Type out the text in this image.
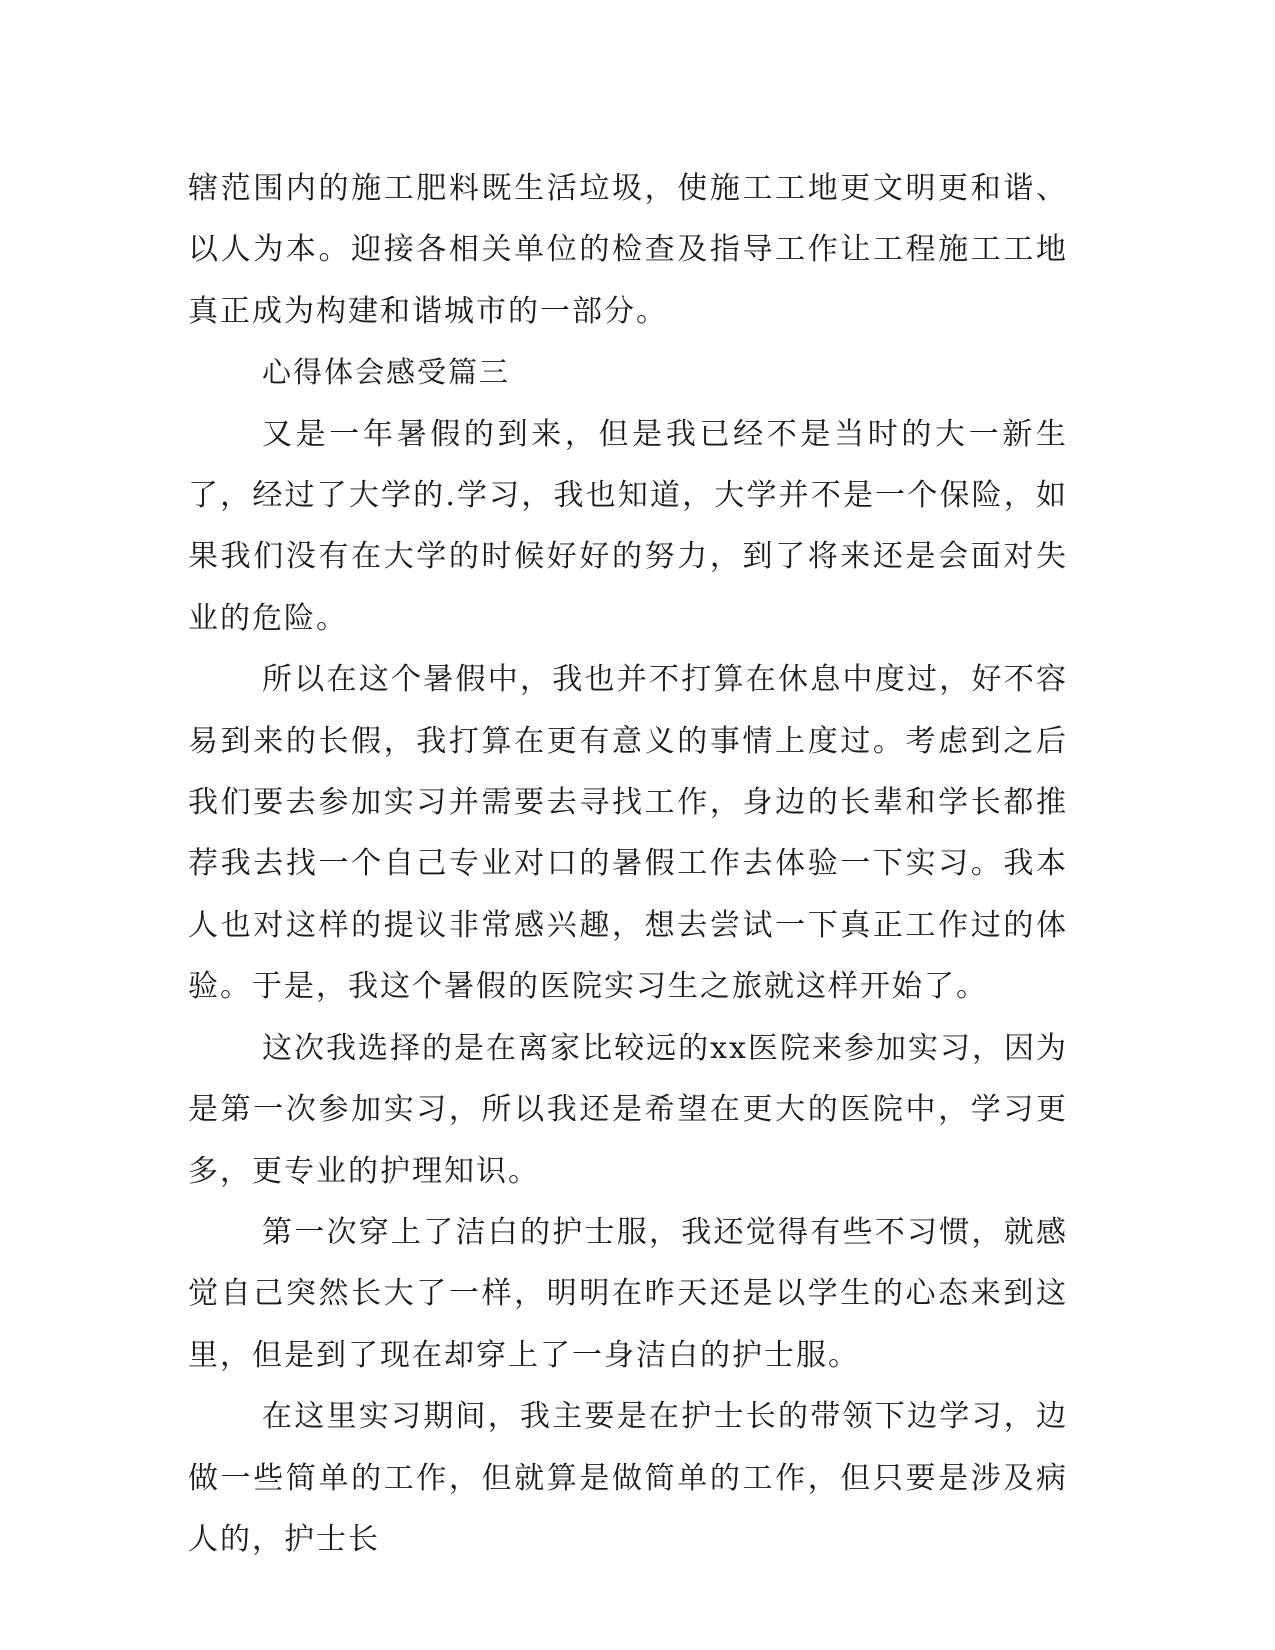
辖范围内的施工肥料既生活垃圾，使施工工地更文明更和谐、以人为本。迎接各相关单位的检查及指导工作让工程施工工地真正成为构建和谐城市的一部分。

心得体会感受篇三

又是一年暑假的到来，但是我已经不是当时的大一新生了，经过了大学的.学习，我也知道，大学并不是一个保险，如果我们没有在大学的时候好好的努力，到了将来还是会面对失业的危险。

所以在这个暑假中，我也并不打算在休息中度过，好不容易到来的长假，我打算在更有意义的事情上度过。考虑到之后我们要去参加实习并需要去寻找工作，身边的长辈和学长都推荐我去找一个自己专业对口的暑假工作去体验一下实习。我本人也对这样的提议非常感兴趣，想去尝试一下真正工作过的体验。于是，我这个暑假的医院实习生之旅就这样开始了。

这次我选择的是在离家比较远的xx医院来参加实习，因为是第一次参加实习，所以我还是希望在更大的医院中，学习更多，更专业的护理知识。

第一次穿上了洁白的护士服，我还觉得有些不习惯，就感觉自己突然长大了一样，明明在昨天还是以学生的心态来到这里，但是到了现在却穿上了一身洁白的护士服。

在这里实习期间，我主要是在护士长的带领下边学习，边做一些简单的工作，但就算是做简单的工作，但只要是涉及病人的，护士长
